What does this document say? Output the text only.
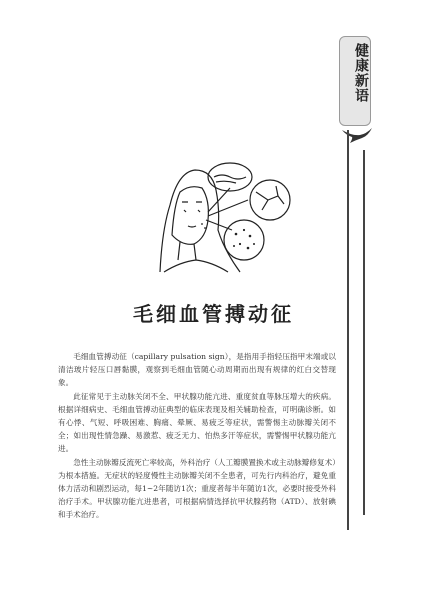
健康新语
毛细血管搏动征

毛细血管搏动征（capillary pulsation sign），是指用手指轻压指甲末端或以清洁玻片轻压口唇黏膜，观察到毛细血管随心动周期而出现有规律的红白交替现象。

此征常见于主动脉关闭不全、甲状腺功能亢进、重度贫血等脉压增大的疾病。根据详细病史、毛细血管搏动征典型的临床表现及相关辅助检查，可明确诊断。如有心悸、气短、呼吸困难、胸痛、晕厥、易疲乏等症状，需警惕主动脉瓣关闭不全；如出现性情急躁、易激惹、疲乏无力、怕热多汗等症状，需警惕甲状腺功能亢进。

急性主动脉瓣反流死亡率较高，外科治疗（人工瓣膜置换术或主动脉瓣修复术）为根本措施。无症状的轻度慢性主动脉瓣关闭不全患者，可先行内科治疗，避免重体力活动和剧烈运动，每1~2年随访1次；重度者每半年随访1次，必要时接受外科治疗手术。甲状腺功能亢进患者，可根据病情选择抗甲状腺药物（ATD）、放射碘和手术治疗。
